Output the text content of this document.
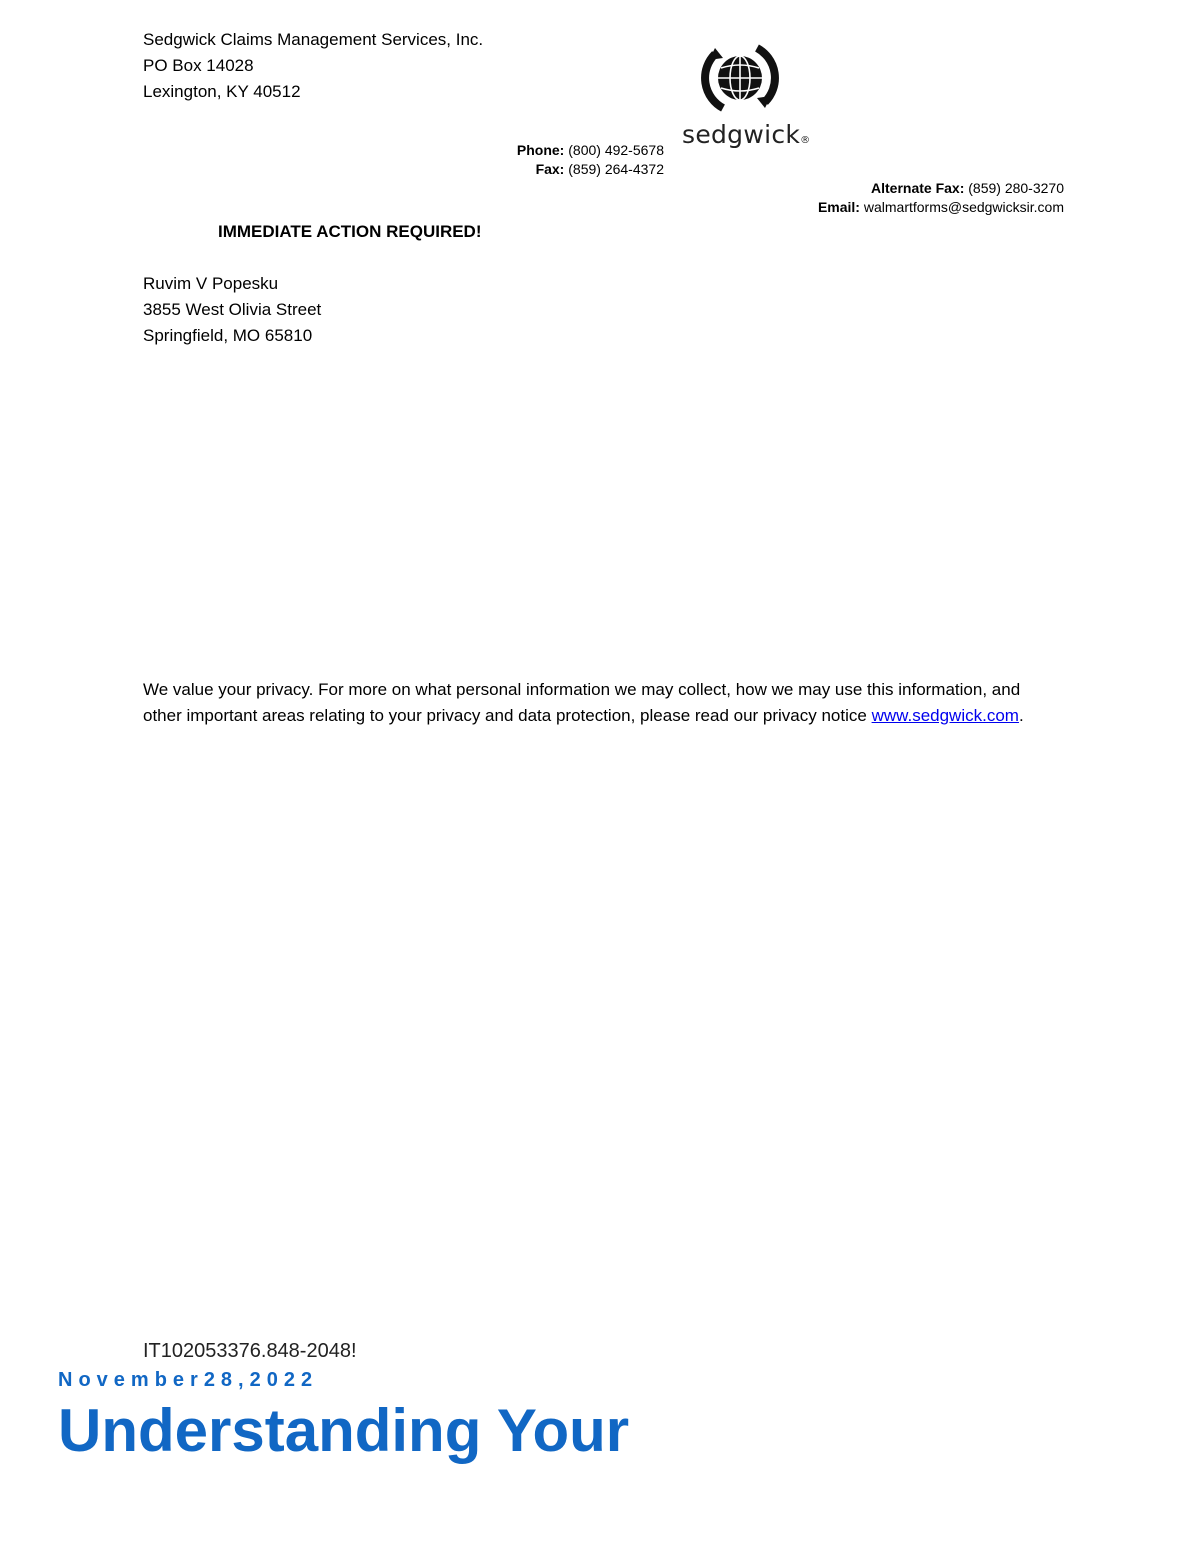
Sedgwick Claims Management Services, Inc.
PO Box 14028
Lexington, KY 40512
sedgwick®
Phone: (800) 492-5678
Fax: (859) 264-4372
Alternate Fax: (859) 280-3270
Email: walmartforms@sedgwicksir.com
IMMEDIATE ACTION REQUIRED!
Ruvim V Popesku
3855 West Olivia Street
Springfield, MO 65810
We value your privacy. For more on what personal information we may collect, how we may use this information, and other important areas relating to your privacy and data protection, please read our privacy notice www.sedgwick.com.
IT102053376.848-2048!
November28,2022
Understanding Your
